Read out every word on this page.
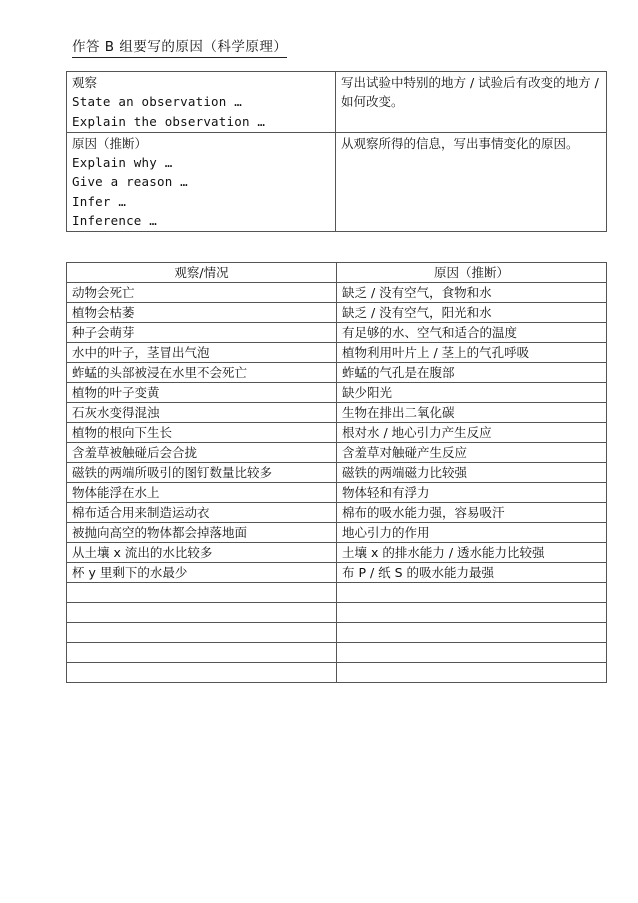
作答 B 组要写的原因（科学原理）
观察
State an observation …
Explain the observation …	写出试验中特别的地方 / 试验后有改变的地方 / 如何改变。

原因（推断）
Explain why …
Give a reason …
Infer …
Inference …	从观察所得的信息，写出事情变化的原因。
观察/情况	原因（推断）
动物会死亡	缺乏 / 没有空气，食物和水
植物会枯萎	缺乏 / 没有空气，阳光和水
种子会萌芽	有足够的水、空气和适合的温度
水中的叶子，茎冒出气泡	植物利用叶片上 / 茎上的气孔呼吸
蚱蜢的头部被浸在水里不会死亡	蚱蜢的气孔是在腹部
植物的叶子变黄	缺少阳光
石灰水变得混浊	生物在排出二氧化碳
植物的根向下生长	根对水 / 地心引力产生反应
含羞草被触碰后会合拢	含羞草对触碰产生反应
磁铁的两端所吸引的图钉数量比较多	磁铁的两端磁力比较强
物体能浮在水上	物体轻和有浮力
棉布适合用来制造运动衣	棉布的吸水能力强，容易吸汗
被抛向高空的物体都会掉落地面	地心引力的作用
从土壤 x 流出的水比较多	土壤 x 的排水能力 / 透水能力比较强
杯 y 里剩下的水最少	布 P / 纸 S 的吸水能力最强
